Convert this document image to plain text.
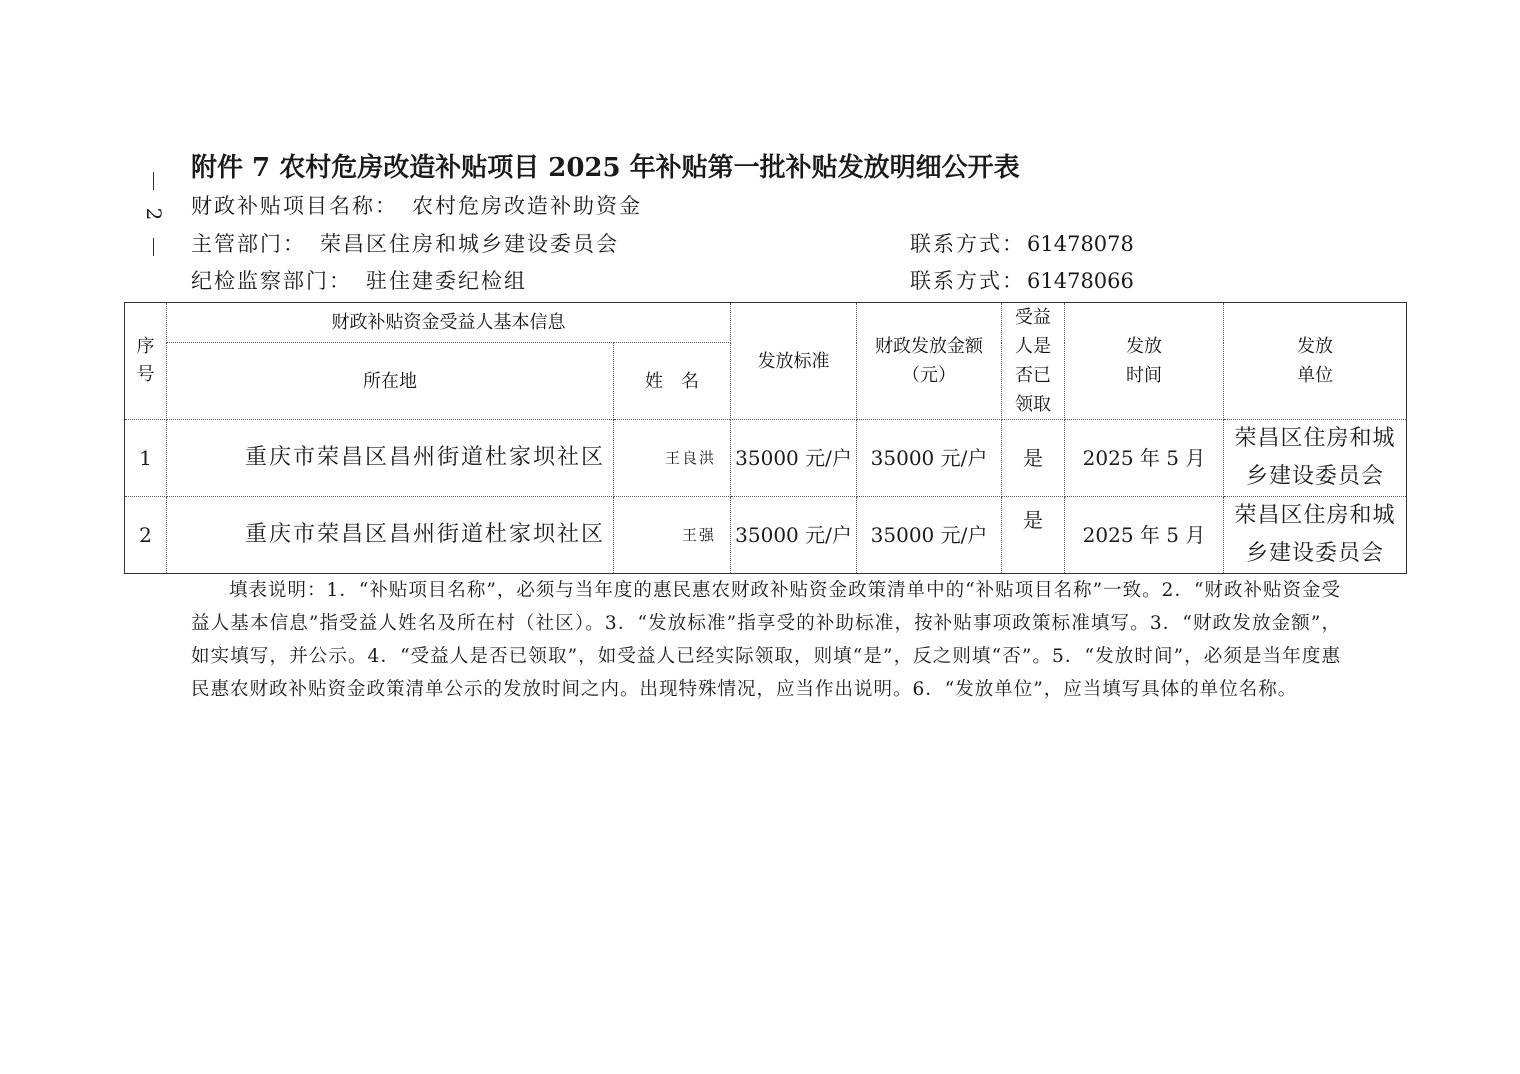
2
附件 7 农村危房改造补贴项目 2025 年补贴第一批补贴发放明细公开表
财政补贴项目名称： 农村危房改造补助资金
主管部门： 荣昌区住房和城乡建设委员会	联系方式：61478078
纪检监察部门： 驻住建委纪检组	联系方式：61478066
序号	财政补贴资金受益人基本信息		发放标准	财政发放金额（元）	受益人是否已领取	发放时间	发放单位

	所在地	姓　名					
1	重庆市荣昌区昌州街道杜家坝社区	王良洪	35000 元/户	35000 元/户	是	2025 年 5 月	荣昌区住房和城乡建设委员会
2	重庆市荣昌区昌州街道杜家坝社区	王强	35000 元/户	35000 元/户	是	2025 年 5 月	荣昌区住房和城乡建设委员会
填表说明：1．“补贴项目名称”，必须与当年度的惠民惠农财政补贴资金政策清单中的“补贴项目名称”一致。2．“财政补贴资金受益人基本信息”指受益人姓名及所在村（社区）。3．“发放标准”指享受的补助标准，按补贴事项政策标准填写。3．“财政发放金额”，如实填写，并公示。4．“受益人是否已领取”，如受益人已经实际领取，则填“是”，反之则填“否”。5．“发放时间”，必须是当年度惠民惠农财政补贴资金政策清单公示的发放时间之内。出现特殊情况，应当作出说明。6．“发放单位”，应当填写具体的单位名称。
